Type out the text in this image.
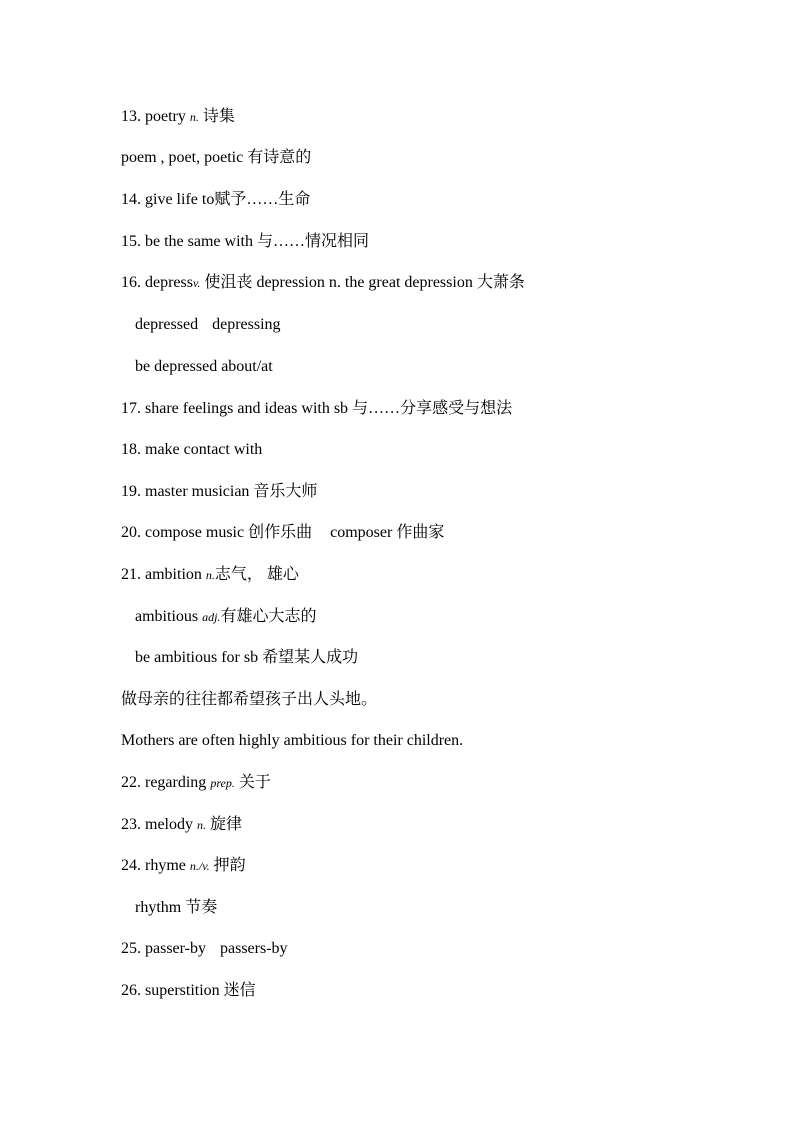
13. poetry n. 诗集
poem , poet, poetic 有诗意的
14. give life to赋予……生命
15. be the same with 与……情况相同
16. depressv. 使沮丧 depression n. the great depression 大萧条
depressed depressing
be depressed about/at
17. share feelings and ideas with sb 与……分享感受与想法
18. make contact with
19. master musician 音乐大师
20. compose music 创作乐曲 composer 作曲家
21. ambition n.志气， 雄心
ambitious adj.有雄心大志的
be ambitious for sb 希望某人成功
做母亲的往往都希望孩子出人头地。
Mothers are often highly ambitious for their children.
22. regarding prep. 关于
23. melody n. 旋律
24. rhyme n./v. 押韵
rhythm 节奏
25. passer-by passers-by
26. superstition 迷信
